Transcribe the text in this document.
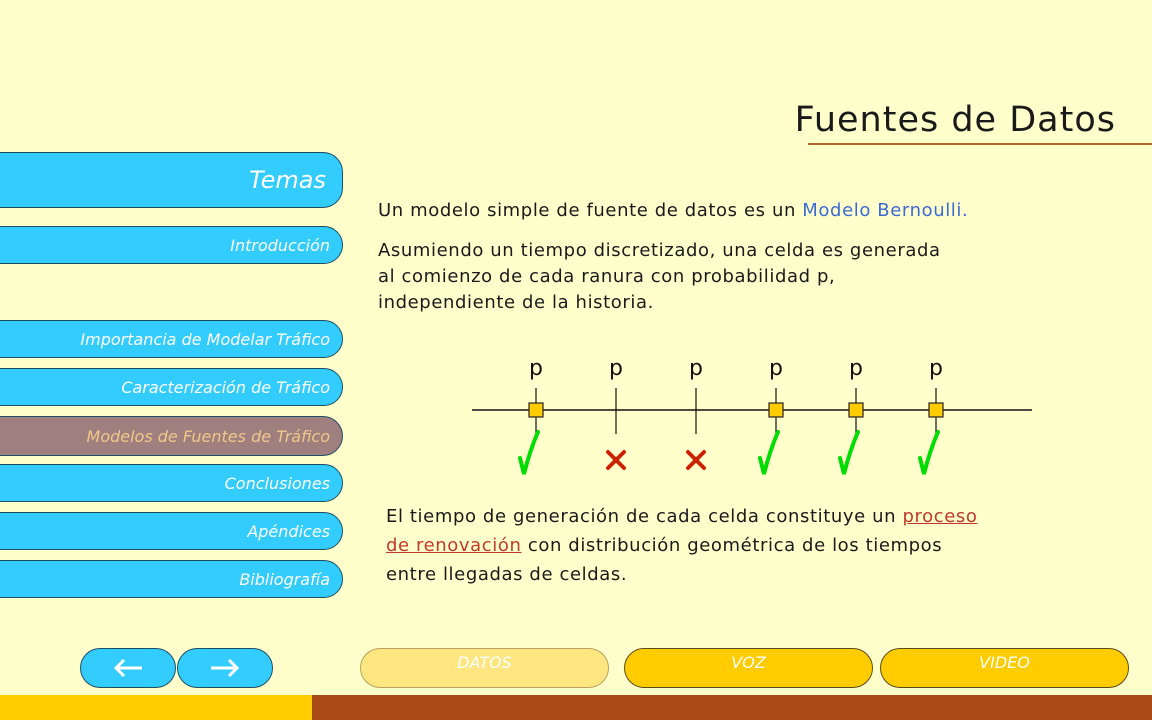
Fuentes de Datos
Temas
Introducción
Importancia de Modelar Tráfico
Caracterización de Tráfico
Modelos de Fuentes de Tráfico
Conclusiones
Apéndices
Bibliografía
Un modelo simple de fuente de datos es un Modelo Bernoulli.
Asumiendo un tiempo discretizado, una celda es generada
al comienzo de cada ranura con probabilidad p,
independiente de la historia.
p	p	p	p	p	p
El tiempo de generación de cada celda constituye un proceso
de renovación con distribución geométrica de los tiempos
entre llegadas de celdas.
DATOS	VOZ	VIDEO
